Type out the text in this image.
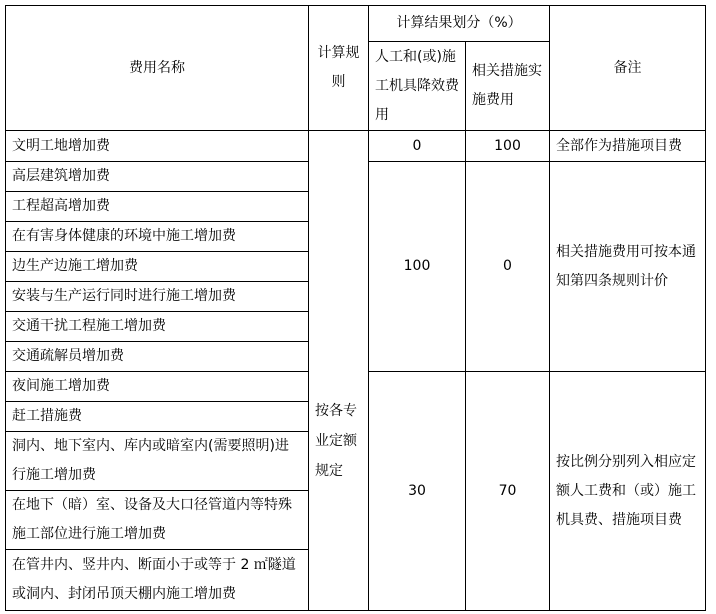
费用名称	计算规则	计算结果划分（%）		备注
		人工和(或)施工机具降效费用	相关措施实施费用	
文明工地增加费	按各专业定额规定	0	100	全部作为措施项目费
高层建筑增加费		100	0	相关措施费用可按本通知第四条规则计价
工程超高增加费				
在有害身体健康的环境中施工增加费				
边生产边施工增加费				
安装与生产运行同时进行施工增加费				
交通干扰工程施工增加费				
交通疏解员增加费				
夜间施工增加费		30	70	按比例分别列入相应定额人工费和（或）施工机具费、措施项目费
赶工措施费				
洞内、地下室内、库内或暗室内(需要照明)进行施工增加费				
在地下（暗）室、设备及大口径管道内等特殊施工部位进行施工增加费				
在管井内、竖井内、断面小于或等于 2 ㎡隧道或洞内、封闭吊顶天棚内施工增加费				
